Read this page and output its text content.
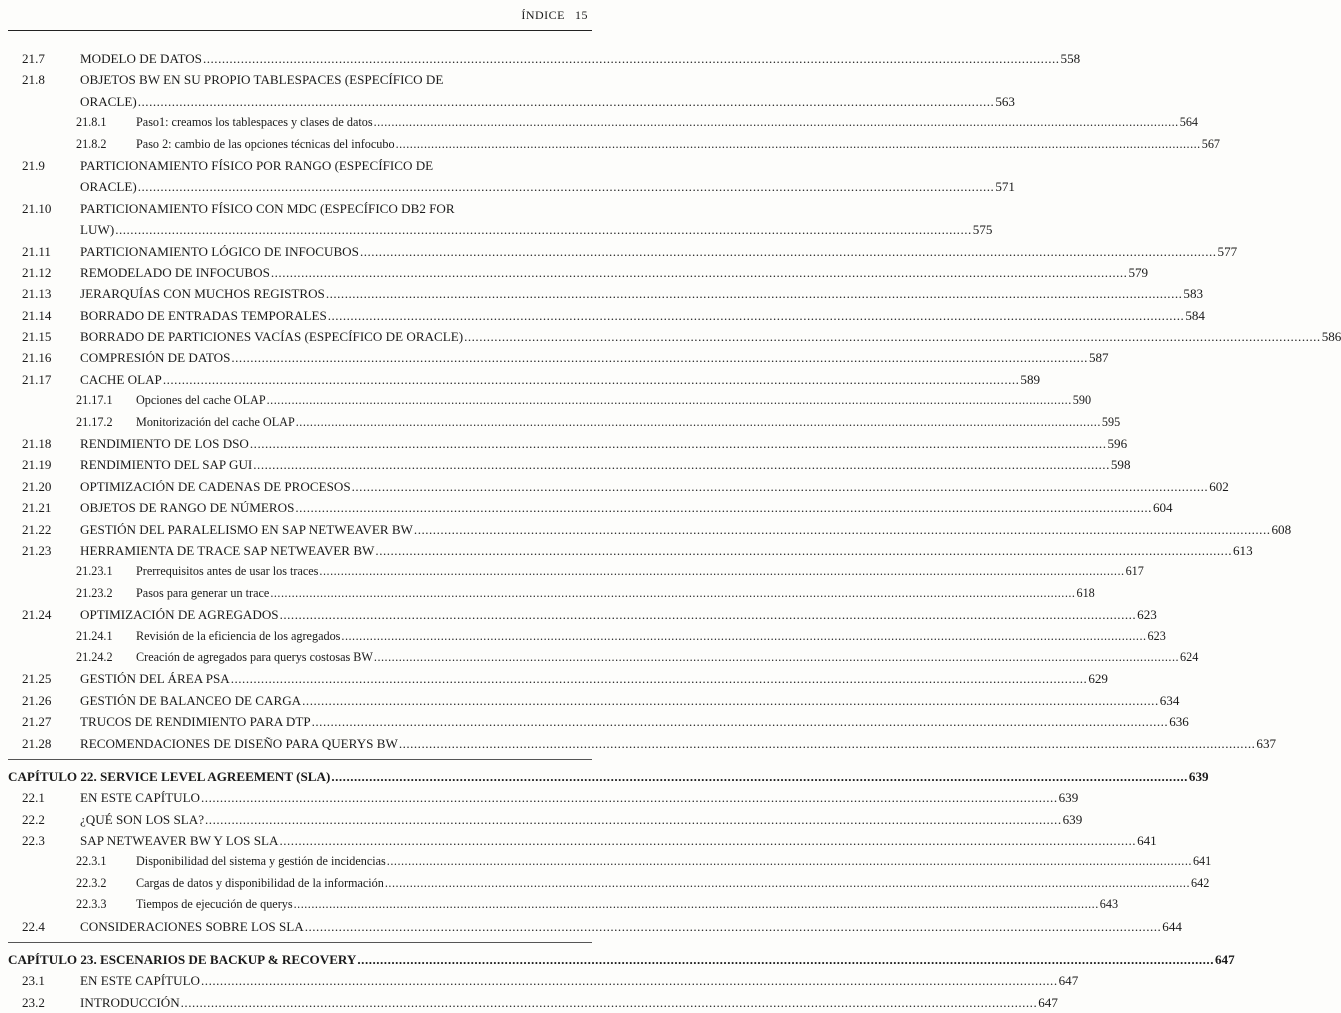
ÍNDICE 15
21.7	MODELO DE DATOS .....	558
21.8	OBJETOS BW EN SU PROPIO TABLESPACES (ESPECÍFICO DE
ORACLE) .....	563
21.8.1 Paso1: creamos los tablespaces y clases de datos .....	564
21.8.2 Paso 2: cambio de las opciones técnicas del infocubo .....	567
21.9	PARTICIONAMIENTO FÍSICO POR RANGO (ESPECÍFICO DE
ORACLE) .....	571
21.10 PARTICIONAMIENTO FÍSICO CON MDC (ESPECÍFICO DB2 FOR
LUW) .....	575
21.11 PARTICIONAMIENTO LÓGICO DE INFOCUBOS .....	577
21.12 REMODELADO DE INFOCUBOS .....	579
21.13 JERARQUÍAS CON MUCHOS REGISTROS .....	583
21.14 BORRADO DE ENTRADAS TEMPORALES .....	584
21.15 BORRADO DE PARTICIONES VACÍAS (ESPECÍFICO DE ORACLE) .....	586
21.16 COMPRESIÓN DE DATOS .....	587
21.17 CACHE OLAP .....	589
21.17.1 Opciones del cache OLAP .....	590
21.17.2 Monitorización del cache OLAP .....	595
21.18 RENDIMIENTO DE LOS DSO .....	596
21.19 RENDIMIENTO DEL SAP GUI .....	598
21.20 OPTIMIZACIÓN DE CADENAS DE PROCESOS .....	602
21.21 OBJETOS DE RANGO DE NÚMEROS .....	604
21.22 GESTIÓN DEL PARALELISMO EN SAP NETWEAVER BW .....	608
21.23 HERRAMIENTA DE TRACE SAP NETWEAVER BW .....	613
21.23.1 Prerrequisitos antes de usar los traces .....	617
21.23.2 Pasos para generar un trace .....	618
21.24 OPTIMIZACIÓN DE AGREGADOS .....	623
21.24.1 Revisión de la eficiencia de los agregados .....	623
21.24.2 Creación de agregados para querys costosas BW .....	624
21.25 GESTIÓN DEL ÁREA PSA .....	629
21.26 GESTIÓN DE BALANCEO DE CARGA .....	634
21.27 TRUCOS DE RENDIMIENTO PARA DTP .....	636
21.28 RECOMENDACIONES DE DISEÑO PARA QUERYS BW .....	637
CAPÍTULO 22. SERVICE LEVEL AGREEMENT (SLA) .....	639
22.1	EN ESTE CAPÍTULO .....	639
22.2	¿QUÉ SON LOS SLA? .....	639
22.3	SAP NETWEAVER BW Y LOS SLA .....	641
22.3.1 Disponibilidad del sistema y gestión de incidencias .....	641
22.3.2 Cargas de datos y disponibilidad de la información .....	642
22.3.3 Tiempos de ejecución de querys .....	643
22.4	CONSIDERACIONES SOBRE LOS SLA .....	644
CAPÍTULO 23. ESCENARIOS DE BACKUP & RECOVERY .....	647
23.1	EN ESTE CAPÍTULO .....	647
23.2	INTRODUCCIÓN .....	647
